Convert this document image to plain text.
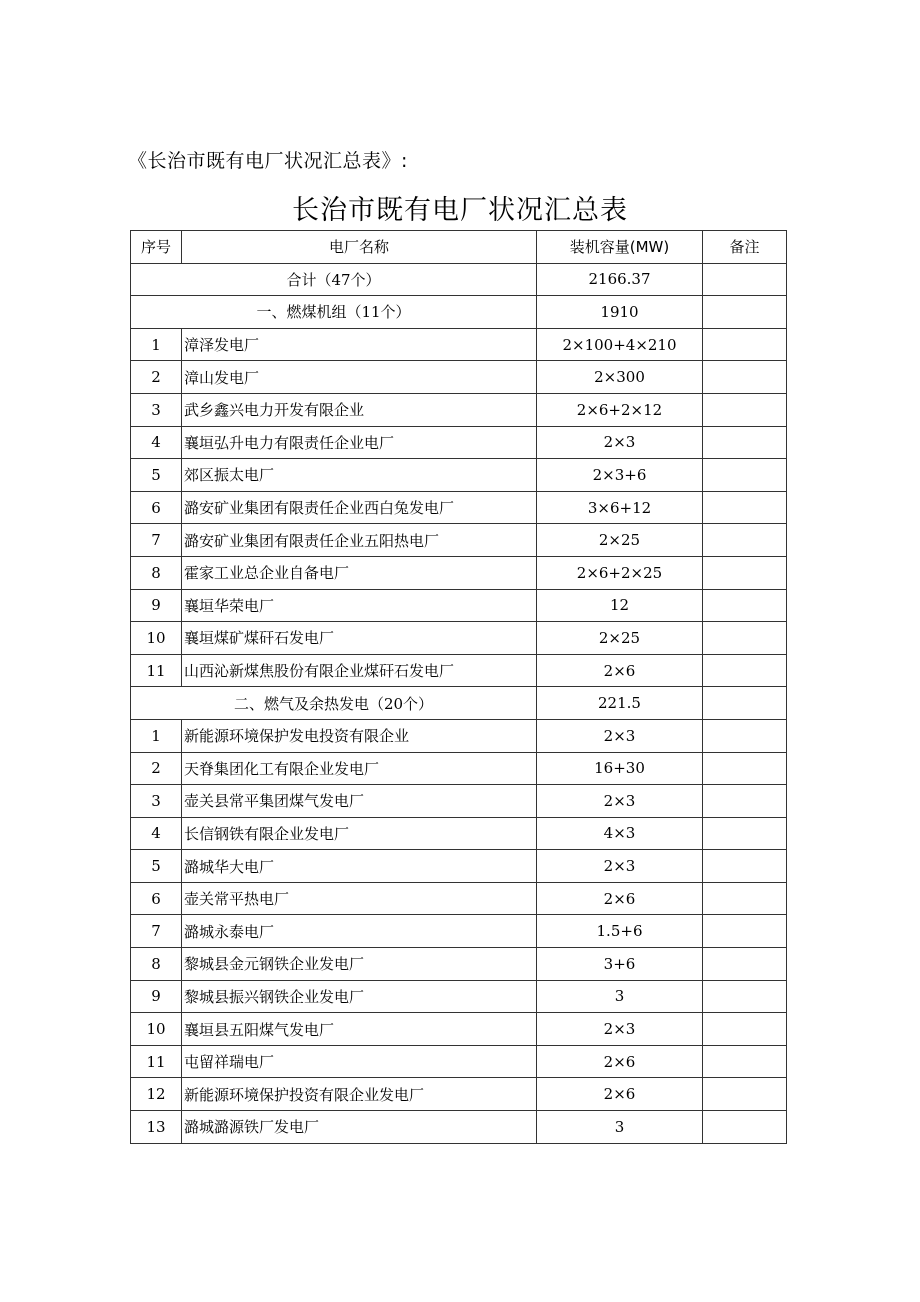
《长治市既有电厂状况汇总表》:
长治市既有电厂状况汇总表
序号	电厂名称	装机容量(MW)	备注
合计（47个）		2166.37	
一、燃煤机组（11个）		1910	
1	漳泽发电厂	2×100+4×210	
2	漳山发电厂	2×300	
3	武乡鑫兴电力开发有限企业	2×6+2×12	
4	襄垣弘升电力有限责任企业电厂	2×3	
5	郊区振太电厂	2×3+6	
6	潞安矿业集团有限责任企业西白兔发电厂	3×6+12	
7	潞安矿业集团有限责任企业五阳热电厂	2×25	
8	霍家工业总企业自备电厂	2×6+2×25	
9	襄垣华荣电厂	12	
10	襄垣煤矿煤矸石发电厂	2×25	
11	山西沁新煤焦股份有限企业煤矸石发电厂	2×6	
二、燃气及余热发电（20个）		221.5	
1	新能源环境保护发电投资有限企业	2×3	
2	天脊集团化工有限企业发电厂	16+30	
3	壶关县常平集团煤气发电厂	2×3	
4	长信钢铁有限企业发电厂	4×3	
5	潞城华大电厂	2×3	
6	壶关常平热电厂	2×6	
7	潞城永泰电厂	1.5+6	
8	黎城县金元钢铁企业发电厂	3+6	
9	黎城县振兴钢铁企业发电厂	3	
10	襄垣县五阳煤气发电厂	2×3	
11	屯留祥瑞电厂	2×6	
12	新能源环境保护投资有限企业发电厂	2×6	
13	潞城潞源铁厂发电厂	3	
